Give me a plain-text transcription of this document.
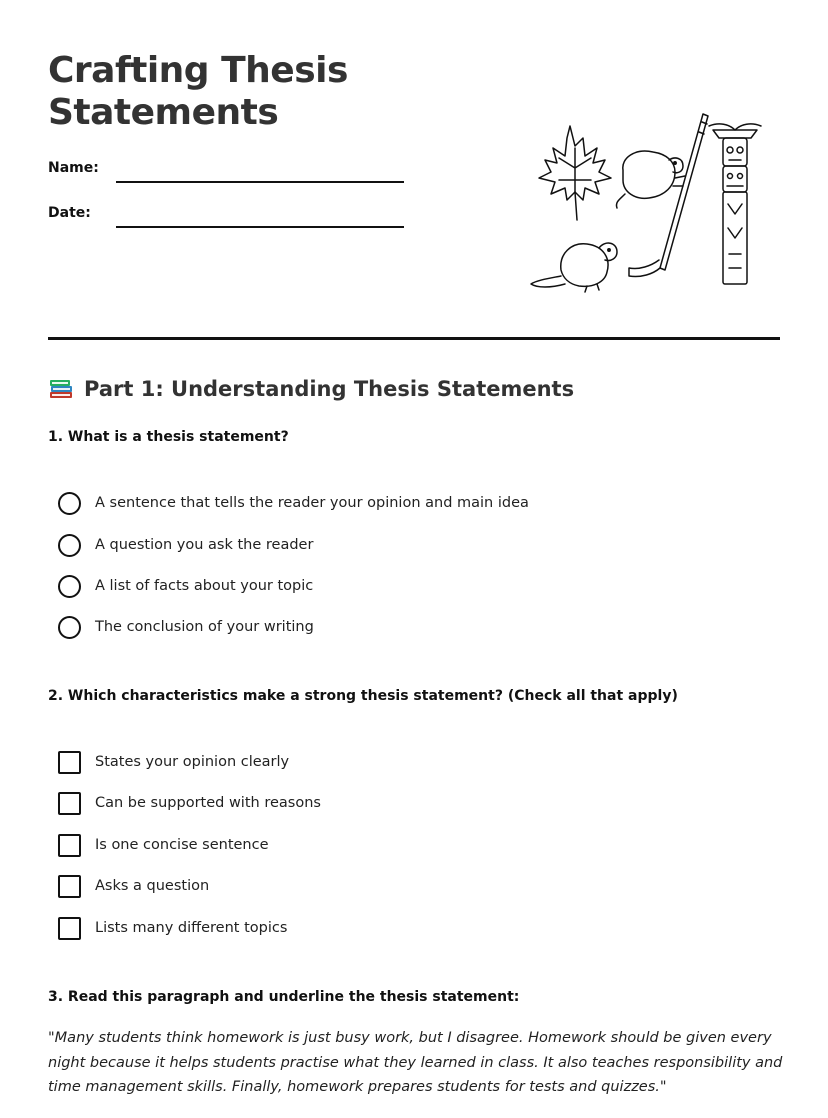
Crafting Thesis Statements
Name:
Date:
Part 1: Understanding Thesis Statements

1. What is a thesis statement?

A sentence that tells the reader your opinion and main idea
A question you ask the reader
A list of facts about your topic
The conclusion of your writing

2. Which characteristics make a strong thesis statement? (Check all that apply)

States your opinion clearly
Can be supported with reasons
Is one concise sentence
Asks a question
Lists many different topics

3. Read this paragraph and underline the thesis statement:

"Many students think homework is just busy work, but I disagree. Homework should be given every night because it helps students practise what they learned in class. It also teaches responsibility and time management skills. Finally, homework prepares students for tests and quizzes."
